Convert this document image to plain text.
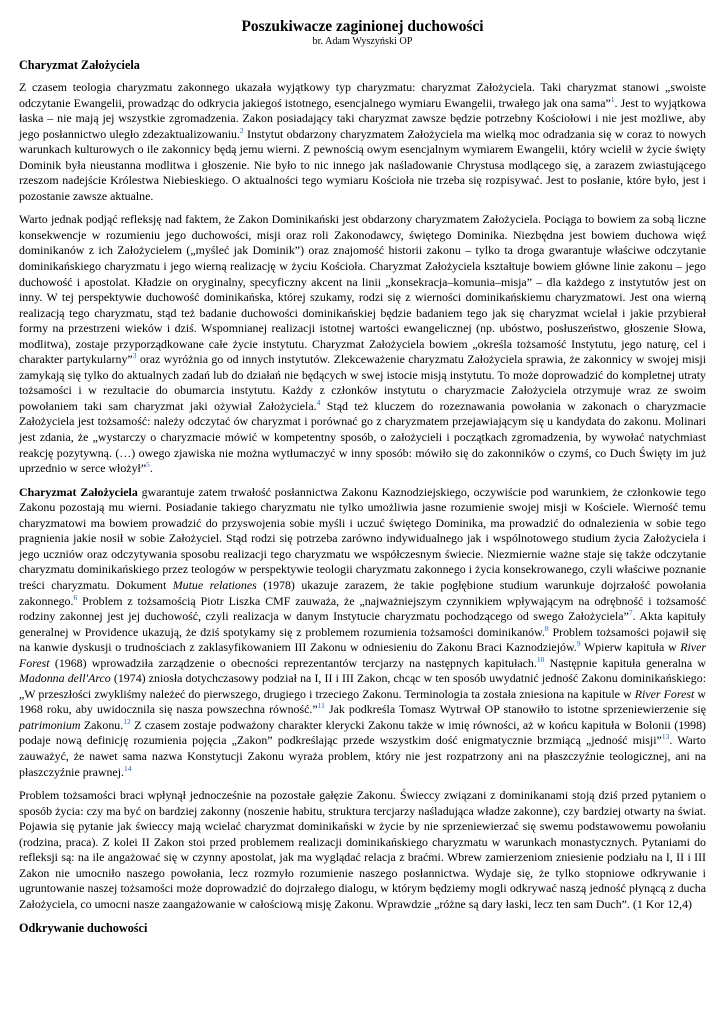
Poszukiwacze zaginionej duchowości
br. Adam Wyszyński OP
Charyzmat Założyciela

Z czasem teologia charyzmatu zakonnego ukazała wyjątkowy typ charyzmatu: charyzmat Założyciela. Taki charyzmat stanowi „swoiste odczytanie Ewangelii, prowadząc do odkrycia jakiegoś istotnego, esencjalnego wymiaru Ewangelii, trwałego jak ona sama”$^1$. Jest to wyjątkowa łaska – nie mają jej wszystkie zgromadzenia. Zakon posiadający taki charyzmat zawsze będzie potrzebny Kościołowi i nie jest możliwe, aby jego posłannictwo uległo zdezaktualizowaniu.$^2$ Instytut obdarzony charyzmatem Założyciela ma wielką moc odradzania się w coraz to nowych warunkach kulturowych o ile zakonnicy będą jemu wierni. Z pewnością owym esencjalnym wymiarem Ewangelii, który wcielił w życie święty Dominik była nieustanna modlitwa i głoszenie. Nie było to nic innego jak naśladowanie Chrystusa modlącego się, a zarazem zwiastującego rzeszom nadejście Królestwa Niebieskiego. O aktualności tego wymiaru Kościoła nie trzeba się rozpisywać. Jest to posłanie, które było, jest i pozostanie zawsze aktualne.

Warto jednak podjąć refleksję nad faktem, że Zakon Dominikański jest obdarzony charyzmatem Założyciela. Pociąga to bowiem za sobą liczne konsekwencje w rozumieniu jego duchowości, misji oraz roli Zakonodawcy, świętego Dominika. Niezbędna jest bowiem duchowa więź dominikanów z ich Założycielem („myśleć jak Dominik”) oraz znajomość historii zakonu – tylko ta droga gwarantuje właściwe odczytanie dominikańskiego charyzmatu i jego wierną realizację w życiu Kościoła. Charyzmat Założyciela kształtuje bowiem główne linie zakonu – jego duchowość i apostolat. Kładzie on oryginalny, specyficzny akcent na linii „konsekracja–komunia–misja” – dla każdego z instytutów jest on inny. W tej perspektywie duchowość dominikańska, której szukamy, rodzi się z wierności dominikańskiemu charyzmatowi. Jest ona wierną realizacją tego charyzmatu, stąd też badanie duchowości dominikańskiej będzie badaniem tego jak się charyzmat wcielał i jakie przybierał formy na przestrzeni wieków i dziś. Wspomnianej realizacji istotnej wartości ewangelicznej (np. ubóstwo, posłuszeństwo, głoszenie Słowa, modlitwa), zostaje przyporządkowane całe życie instytutu. Charyzmat Założyciela bowiem „określa tożsamość Instytutu, jego naturę, cel i charakter partykularny”$^3$ oraz wyróżnia go od innych instytutów. Zlekceważenie charyzmatu Założyciela sprawia, że zakonnicy w swojej misji zamykają się tylko do aktualnych zadań lub do działań nie będących w swej istocie misją instytutu. To może doprowadzić do kompletnej utraty tożsamości i w rezultacie do obumarcia instytutu. Każdy z członków instytutu o charyzmacie Założyciela otrzymuje wraz ze swoim powołaniem taki sam charyzmat jaki ożywiał Założyciela.$^4$ Stąd też kluczem do rozeznawania powołania w zakonach o charyzmacie Założyciela jest tożsamość: należy odczytać ów charyzmat i porównać go z charyzmatem przejawiającym się u kandydata do zakonu. Molinari jest zdania, że „wystarczy o charyzmacie mówić w kompetentny sposób, o założycieli i początkach zgromadzenia, by wywołać natychmiast reakcję pozytywną. (…) owego zjawiska nie można wytłumaczyć w inny sposób: mówiło się do zakonników o czymś, co Duch Święty im już uprzednio w serce włożył”$^5$.

Charyzmat Założyciela gwarantuje zatem trwałość posłannictwa Zakonu Kaznodziejskiego, oczywiście pod warunkiem, że członkowie tego Zakonu pozostają mu wierni. Posiadanie takiego charyzmatu nie tylko umożliwia jasne rozumienie swojej misji w Kościele. Wierność temu charyzmatowi ma bowiem prowadzić do przyswojenia sobie myśli i uczuć świętego Dominika, ma prowadzić do odnalezienia w sobie tego pragnienia jakie nosił w sobie Założyciel. Stąd rodzi się potrzeba zarówno indywidualnego jak i wspólnotowego studium życia Założyciela i jego uczniów oraz odczytywania sposobu realizacji tego charyzmatu we współczesnym świecie. Niezmiernie ważne staje się także odczytanie charyzmatu dominikańskiego przez teologów w perspektywie teologii charyzmatu zakonnego i życia konsekrowanego, czyli właściwe poznanie treści charyzmatu. Dokument Mutue relationes (1978) ukazuje zarazem, że takie pogłębione studium warunkuje dojrzałość powołania zakonnego.$^6$ Problem z tożsamością Piotr Liszka CMF zauważa, że „najważniejszym czynnikiem wpływającym na odrębność i tożsamość rodziny zakonnej jest jej duchowość, czyli realizacja w danym Instytucie charyzmatu pochodzącego od swego Założyciela”$^7$. Akta kapituły generalnej w Providence ukazują, że dziś spotykamy się z problemem rozumienia tożsamości dominikanów.$^8$ Problem tożsamości pojawił się na kanwie dyskusji o trudnościach z zaklasyfikowaniem III Zakonu w odniesieniu do Zakonu Braci Kaznodziejów.$^9$ Wpierw kapituła w River Forest (1968) wprowadziła zarządzenie o obecności reprezentantów tercjarzy na następnych kapitułach.$^{10}$ Następnie kapituła generalna w Madonna dell'Arco (1974) zniosła dotychczasowy podział na I, II i III Zakon, chcąc w ten sposób uwydatnić jedność Zakonu dominikańskiego: „W przeszłości zwykliśmy należeć do pierwszego, drugiego i trzeciego Zakonu. Terminologia ta została zniesiona na kapitule w River Forest w 1968 roku, aby uwidocznila się nasza powszechna równość.”$^{11}$ Jak podkreśla Tomasz Wytrwał OP stanowiło to istotne sprzeniewierzenie się patrimonium Zakonu.$^{12}$ Z czasem zostaje podważony charakter klerycki Zakonu także w imię równości, aż w końcu kapituła w Bolonii (1998) podaje nową definicję rozumienia pojęcia „Zakon” podkreślając przede wszystkim dość enigmatycznie brzmiącą „jedność misji”$^{13}$. Warto zauważyć, że nawet sama nazwa Konstytucji Zakonu wyraża problem, który nie jest rozpatrzony ani na płaszczyźnie teologicznej, ani na płaszczyźnie prawnej.$^{14}$

Problem tożsamości braci wpłynął jednocześnie na pozostałe gałęzie Zakonu. Świeccy związani z dominikanami stoją dziś przed pytaniem o sposób życia: czy ma być on bardziej zakonny (noszenie habitu, struktura tercjarzy naśladująca władze zakonne), czy bardziej otwarty na świat. Pojawia się pytanie jak świeccy mają wcielać charyzmat dominikański w życie by nie sprzeniewierzać się swemu podstawowemu powołaniu (rodzina, praca). Z kolei II Zakon stoi przed problemem realizacji dominikańskiego charyzmatu w warunkach monastycznych. Pytaniami do refleksji są: na ile angażować się w czynny apostolat, jak ma wyglądać relacja z braćmi. Wbrew zamierzeniom zniesienie podziału na I, II i III Zakon nie umocniło naszego powołania, lecz rozmyło rozumienie naszego posłannictwa. Wydaje się, że tylko stopniowe odkrywanie i ugruntowanie naszej tożsamości może doprowadzić do dojrzałego dialogu, w którym będziemy mogli odkrywać naszą jedność płynącą z ducha Założyciela, co umocni nasze zaangażowanie w całościową misję Zakonu. Wprawdzie „różne są dary łaski, lecz ten sam Duch”. (1 Kor 12,4)

Odkrywanie duchowości
